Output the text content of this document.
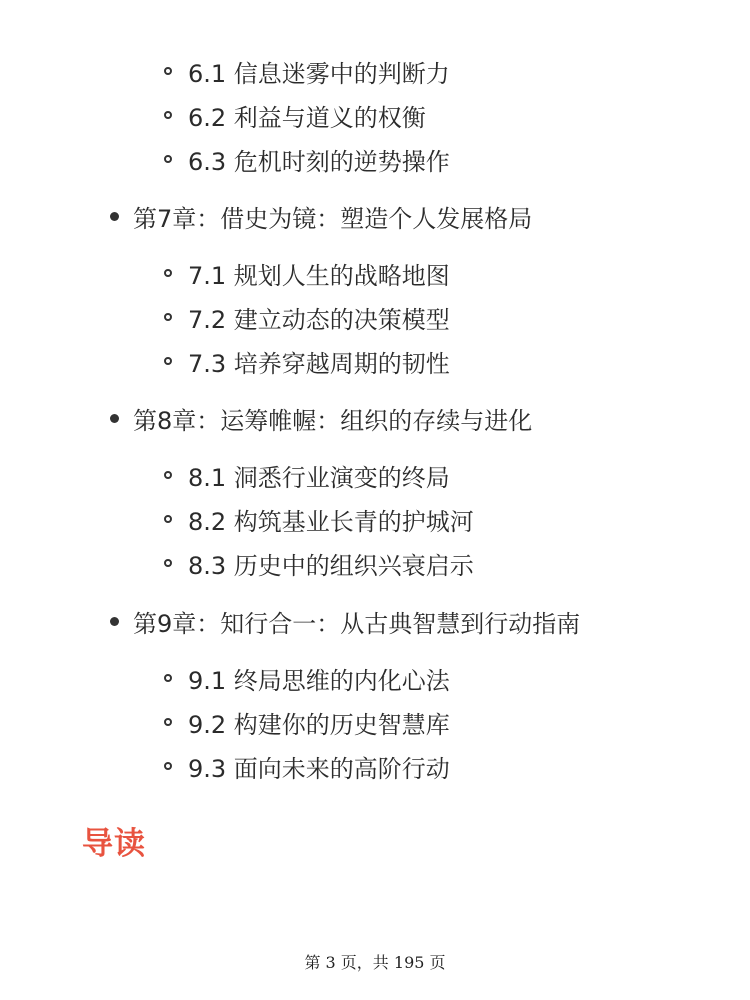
6.1 信息迷雾中的判断力
6.2 利益与道义的权衡
6.3 危机时刻的逆势操作
第7章：借史为镜：塑造个人发展格局
7.1 规划人生的战略地图
7.2 建立动态的决策模型
7.3 培养穿越周期的韧性
第8章：运筹帷幄：组织的存续与进化
8.1 洞悉行业演变的终局
8.2 构筑基业长青的护城河
8.3 历史中的组织兴衰启示
第9章：知行合一：从古典智慧到行动指南
9.1 终局思维的内化心法
9.2 构建你的历史智慧库
9.3 面向未来的高阶行动
导读
第 3 页，共 195 页
